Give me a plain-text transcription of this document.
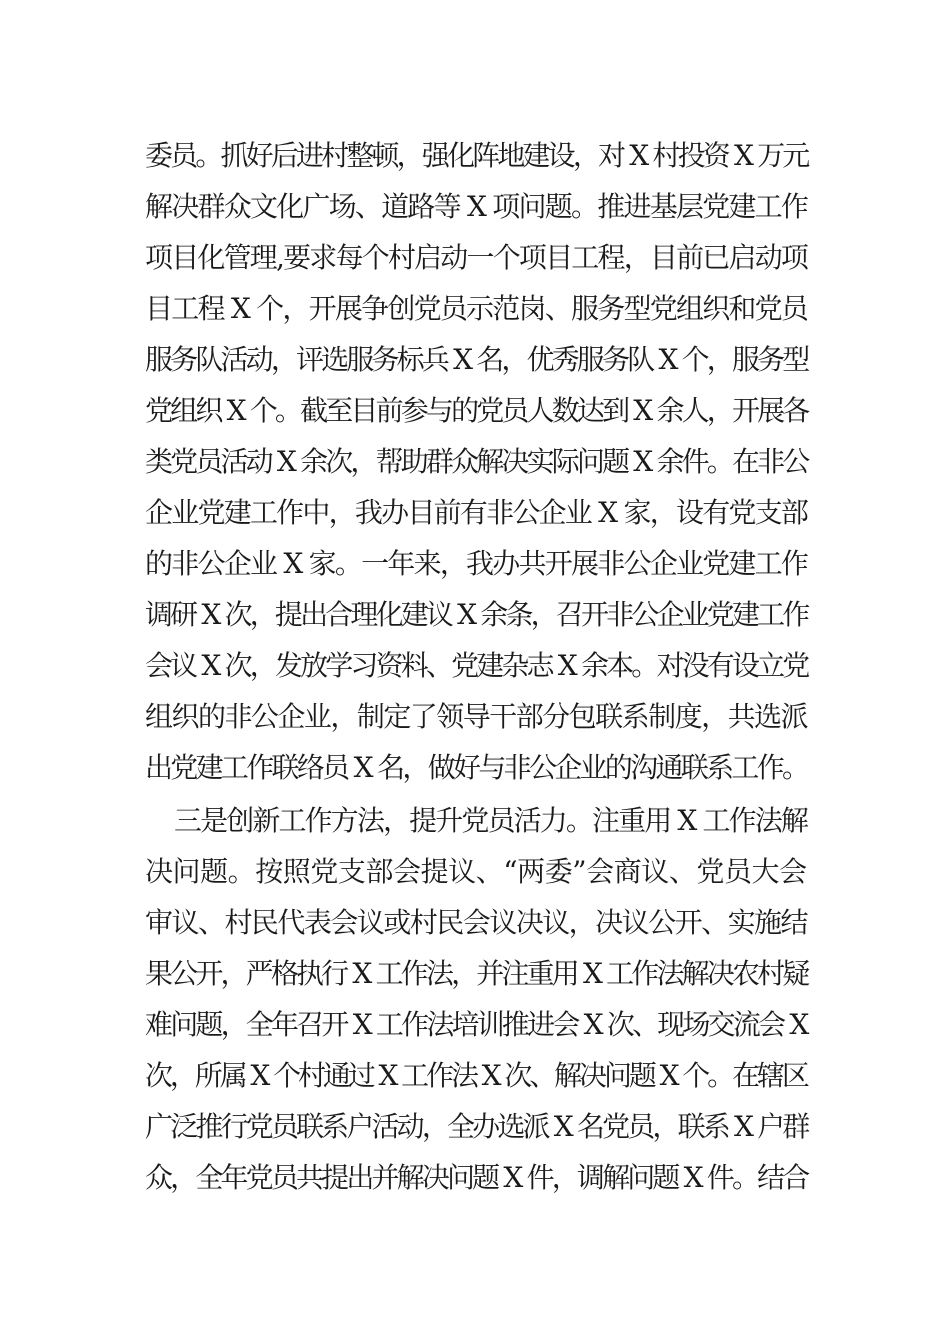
委员。抓好后进村整顿，强化阵地建设，对 X 村投资 X 万元
解决群众文化广场、道路等 X 项问题。推进基层党建工作
项目化管理,要求每个村启动一个项目工程，目前已启动项
目工程 X 个，开展争创党员示范岗、服务型党组织和党员
服务队活动，评选服务标兵 X 名，优秀服务队 X 个，服务型
党组织 X 个。截至目前参与的党员人数达到 X 余人，开展各
类党员活动 X 余次，帮助群众解决实际问题 X 余件。在非公
企业党建工作中，我办目前有非公企业 X 家，设有党支部
的非公企业 X 家。一年来，我办共开展非公企业党建工作
调研 X 次，提出合理化建议 X 余条，召开非公企业党建工作
会议 X 次，发放学习资料、党建杂志 X 余本。对没有设立党
组织的非公企业，制定了领导干部分包联系制度，共选派
出党建工作联络员 X 名，做好与非公企业的沟通联系工作。
三是创新工作方法，提升党员活力。注重用 X 工作法解
决问题。按照党支部会提议、“两委”会商议、党员大会
审议、村民代表会议或村民会议决议，决议公开、实施结
果公开，严格执行 X 工作法，并注重用 X 工作法解决农村疑
难问题，全年召开 X 工作法培训推进会 X 次、现场交流会 X
次，所属 X 个村通过 X 工作法 X 次、解决问题 X 个。在辖区
广泛推行党员联系户活动，全办选派 X 名党员，联系 X 户群
众，全年党员共提出并解决问题 X 件，调解问题 X 件。结合
